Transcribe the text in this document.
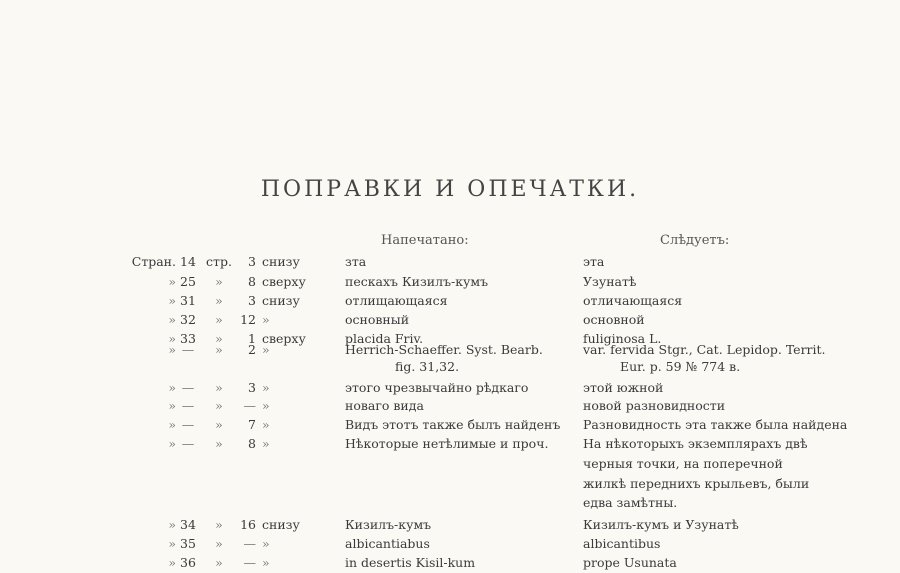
ПОПРАВКИ И ОПЕЧАТКИ.
Напечатано:	Слѣдуетъ:
Стран. 14 стр.	3 снизу	зта	эта
» 25	»	8 сверху	пескахъ Кизилъ-кумъ	Узунатѣ
» 31	»	3 снизу	отлищающаяся	отличающаяся
» 32	»	12 »	основный	основной
» 33	»	1 сверху	placida Friv.	fuliginosa L.
» —	»	2 »	Herrich-Schaeffer. Syst. Bearb.	var. fervida Stgr., Cat. Lepidop. Territ.
fig. 31,32.	Eur. p. 59 № 774 в.
» —	»	3 »	этого чрезвычайно рѣдкаго	этой южной
» —	»	— »	новаго вида	новой разновидности
» —	»	7 »	Видъ этотъ также былъ найденъ	Разновидность эта также была найдена
» —	»	8 »	Нѣкоторые нетѣлимые и проч.	На нѣкоторыхъ экземплярахъ двѣ
черныя точки, на поперечной
жилкѣ переднихъ крыльевъ, были
едва замѣтны.
» 34	»	16 снизу	Кизилъ-кумъ	Кизилъ-кумъ и Узунатѣ
» 35	»	— »	albicantiabus	albicantibus
» 36	»	— »	in desertis Kisil-kum	prope Usunata
